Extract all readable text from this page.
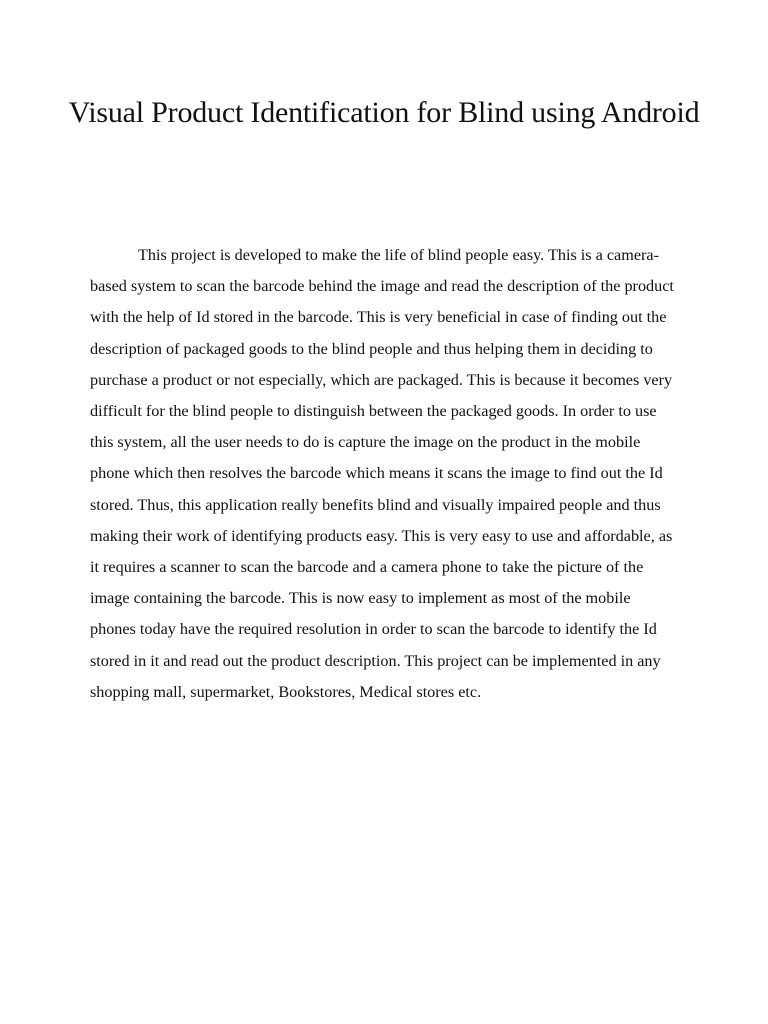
Visual Product Identification for Blind using Android

This project is developed to make the life of blind people easy. This is a camera-based system to scan the barcode behind the image and read the description of the product with the help of Id stored in the barcode. This is very beneficial in case of finding out the description of packaged goods to the blind people and thus helping them in deciding to purchase a product or not especially, which are packaged. This is because it becomes very difficult for the blind people to distinguish between the packaged goods. In order to use this system, all the user needs to do is capture the image on the product in the mobile phone which then resolves the barcode which means it scans the image to find out the Id stored. Thus, this application really benefits blind and visually impaired people and thus making their work of identifying products easy. This is very easy to use and affordable, as it requires a scanner to scan the barcode and a camera phone to take the picture of the image containing the barcode. This is now easy to implement as most of the mobile phones today have the required resolution in order to scan the barcode to identify the Id stored in it and read out the product description. This project can be implemented in any shopping mall, supermarket, Bookstores, Medical stores etc.
